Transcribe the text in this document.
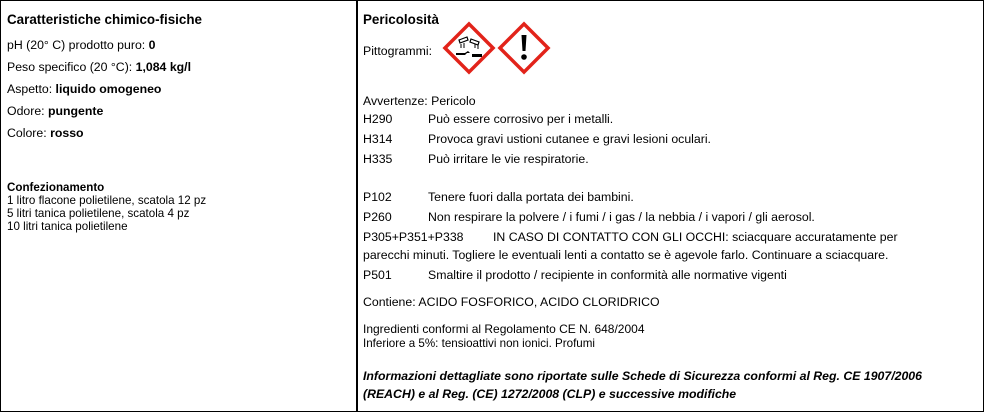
Caratteristiche chimico-fisiche
pH (20° C) prodotto puro: 0
Peso specifico (20 °C): 1,084 kg/l
Aspetto: liquido omogeneo
Odore: pungente
Colore: rosso
Confezionamento
1 litro flacone polietilene, scatola 12 pz
5 litri tanica polietilene, scatola 4 pz
10 litri tanica polietilene
Pericolosità
Pittogrammi:
Avvertenze: Pericolo
H290	Può essere corrosivo per i metalli.
H314	Provoca gravi ustioni cutanee e gravi lesioni oculari.
H335	Può irritare le vie respiratorie.
P102	Tenere fuori dalla portata dei bambini.
P260	Non respirare la polvere / i fumi / i gas / la nebbia / i vapori / gli aerosol.
P305+P351+P338 IN CASO DI CONTATTO CON GLI OCCHI: sciacquare accuratamente per
parecchi minuti. Togliere le eventuali lenti a contatto se è agevole farlo. Continuare a sciacquare.
P501	Smaltire il prodotto / recipiente in conformità alle normative vigenti
Contiene: ACIDO FOSFORICO, ACIDO CLORIDRICO
Ingredienti conformi al Regolamento CE N. 648/2004
Inferiore a 5%: tensioattivi non ionici. Profumi
Informazioni dettagliate sono riportate sulle Schede di Sicurezza conformi al Reg. CE 1907/2006
(REACH) e al Reg. (CE) 1272/2008 (CLP) e successive modifiche
